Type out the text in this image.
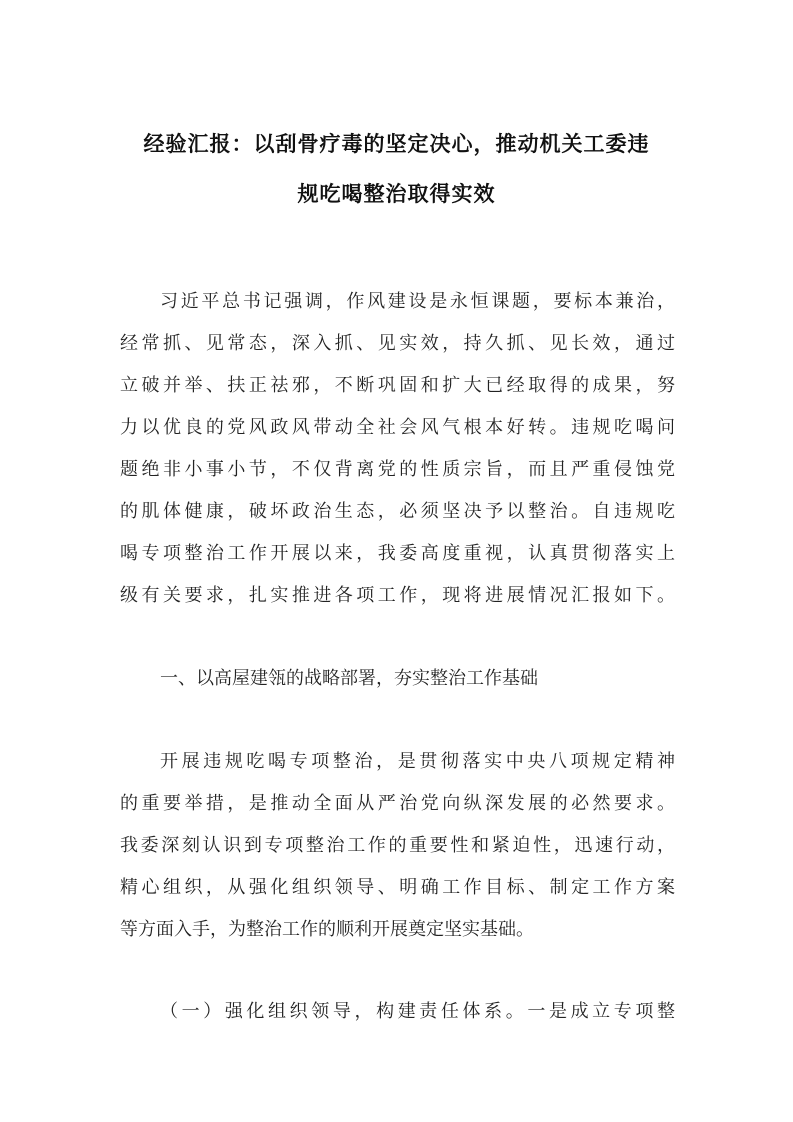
经验汇报：以刮骨疗毒的坚定决心，推动机关工委违
规吃喝整治取得实效
习近平总书记强调，作风建设是永恒课题，要标本兼治，
经常抓、见常态，深入抓、见实效，持久抓、见长效，通过
立破并举、扶正祛邪，不断巩固和扩大已经取得的成果，努
力以优良的党风政风带动全社会风气根本好转。违规吃喝问
题绝非小事小节，不仅背离党的性质宗旨，而且严重侵蚀党
的肌体健康，破坏政治生态，必须坚决予以整治。自违规吃
喝专项整治工作开展以来，我委高度重视，认真贯彻落实上
级有关要求，扎实推进各项工作，现将进展情况汇报如下。
一、以高屋建瓴的战略部署，夯实整治工作基础
开展违规吃喝专项整治，是贯彻落实中央八项规定精神
的重要举措，是推动全面从严治党向纵深发展的必然要求。
我委深刻认识到专项整治工作的重要性和紧迫性，迅速行动，
精心组织，从强化组织领导、明确工作目标、制定工作方案
等方面入手，为整治工作的顺利开展奠定坚实基础。
（一）强化组织领导，构建责任体系。一是成立专项整
